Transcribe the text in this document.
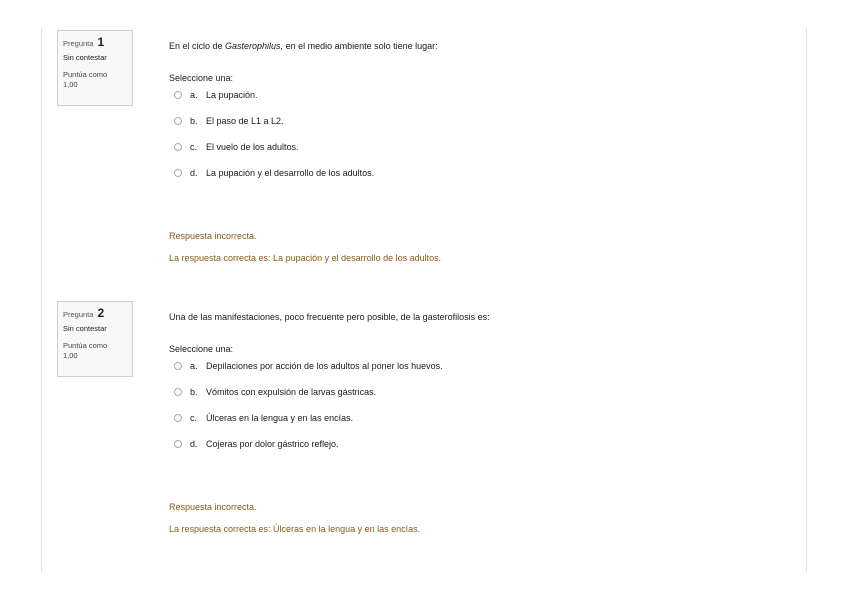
Pregunta 1
Sin contestar
Puntúa como 1,00
En el ciclo de Gasterophilus, en el medio ambiente solo tiene lugar:
Seleccione una:
a. La pupación.
b. El paso de L1 a L2.
c. El vuelo de los adultos.
d. La pupación y el desarrollo de los adultos.
Respuesta incorrecta.
La respuesta correcta es: La pupación y el desarrollo de los adultos.
Pregunta 2
Sin contestar
Puntúa como 1,00
Una de las manifestaciones, poco frecuente pero posible, de la gasterofilosis es:
Seleccione una:
a. Depilaciones por acción de los adultos al poner los huevos.
b. Vómitos con expulsión de larvas gástricas.
c. Úlceras en la lengua y en las encías.
d. Cojeras por dolor gástrico reflejo.
Respuesta incorrecta.
La respuesta correcta es: Úlceras en la lengua y en las encías.
